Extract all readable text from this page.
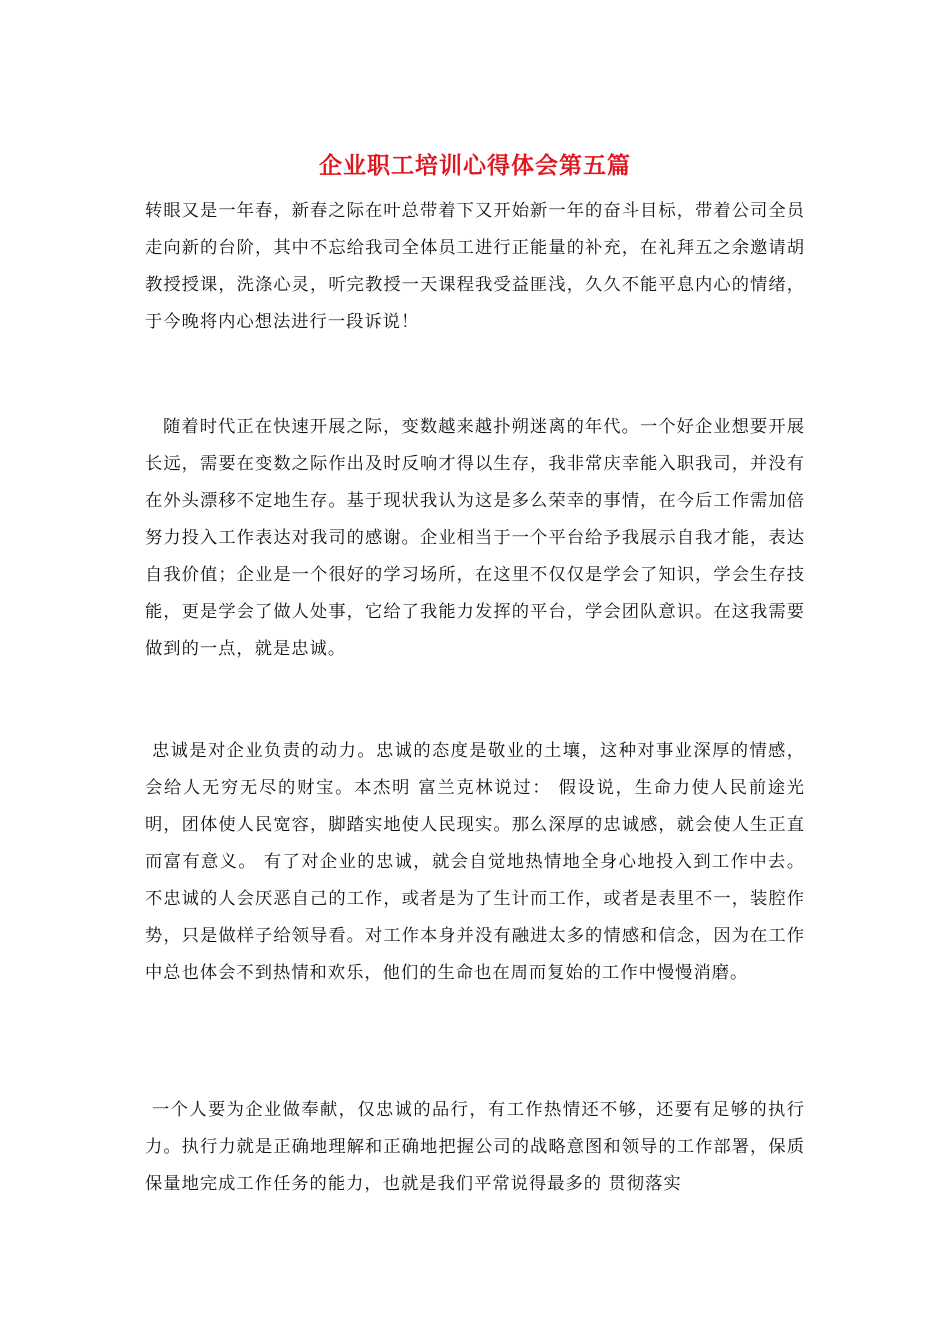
企业职工培训心得体会第五篇

转眼又是一年春，新春之际在叶总带着下又开始新一年的奋斗目标，带着公司全员走向新的台阶，其中不忘给我司全体员工进行正能量的补充，在礼拜五之余邀请胡教授授课，洗涤心灵，听完教授一天课程我受益匪浅，久久不能平息内心的情绪，于今晚将内心想法进行一段诉说！

随着时代正在快速开展之际，变数越来越扑朔迷离的年代。一个好企业想要开展长远，需要在变数之际作出及时反响才得以生存，我非常庆幸能入职我司，并没有在外头漂移不定地生存。基于现状我认为这是多么荣幸的事情，在今后工作需加倍努力投入工作表达对我司的感谢。企业相当于一个平台给予我展示自我才能，表达自我价值；企业是一个很好的学习场所，在这里不仅仅是学会了知识，学会生存技能，更是学会了做人处事，它给了我能力发挥的平台，学会团队意识。在这我需要做到的一点，就是忠诚。

忠诚是对企业负责的动力。忠诚的态度是敬业的土壤，这种对事业深厚的情感，会给人无穷无尽的财宝。本杰明 富兰克林说过： 假设说，生命力使人民前途光明，团体使人民宽容，脚踏实地使人民现实。那么深厚的忠诚感，就会使人生正直而富有意义。 有了对企业的忠诚，就会自觉地热情地全身心地投入到工作中去。不忠诚的人会厌恶自己的工作，或者是为了生计而工作，或者是表里不一，装腔作势，只是做样子给领导看。对工作本身并没有融进太多的情感和信念，因为在工作中总也体会不到热情和欢乐，他们的生命也在周而复始的工作中慢慢消磨。

一个人要为企业做奉献，仅忠诚的品行，有工作热情还不够，还要有足够的执行力。执行力就是正确地理解和正确地把握公司的战略意图和领导的工作部署，保质保量地完成工作任务的能力，也就是我们平常说得最多的 贯彻落实
